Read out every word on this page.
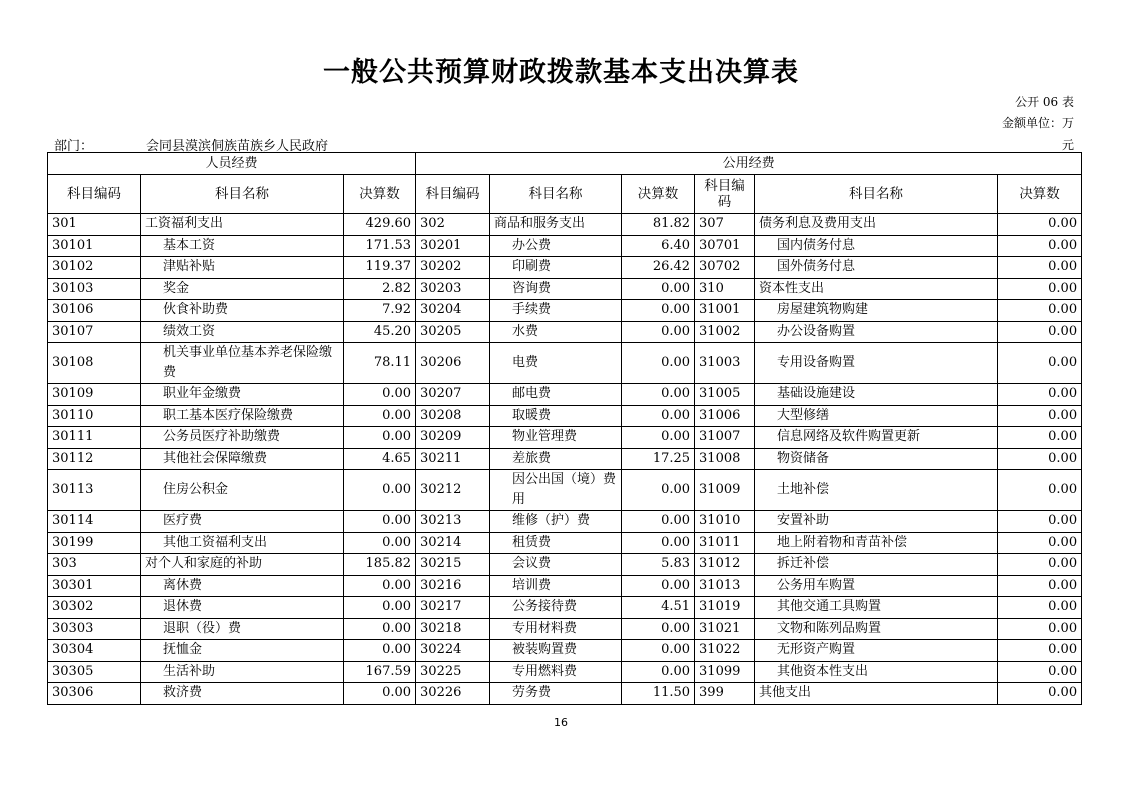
一般公共预算财政拨款基本支出决算表
公开 06 表
金额单位：万
元
部门：	会同县漠滨侗族苗族乡人民政府
人员经费			公用经费					
科目编码	科目名称	决算数	科目编码	科目名称	决算数	科目编码	科目名称	决算数
301	工资福利支出	429.60	302	商品和服务支出	81.82	307	债务利息及费用支出	0.00
30101	基本工资	171.53	30201	办公费	6.40	30701	国内债务付息	0.00
30102	津贴补贴	119.37	30202	印刷费	26.42	30702	国外债务付息	0.00
30103	奖金	2.82	30203	咨询费	0.00	310	资本性支出	0.00
30106	伙食补助费	7.92	30204	手续费	0.00	31001	房屋建筑物购建	0.00
30107	绩效工资	45.20	30205	水费	0.00	31002	办公设备购置	0.00
30108	机关事业单位基本养老保险缴费	78.11	30206	电费	0.00	31003	专用设备购置	0.00
30109	职业年金缴费	0.00	30207	邮电费	0.00	31005	基础设施建设	0.00
30110	职工基本医疗保险缴费	0.00	30208	取暖费	0.00	31006	大型修缮	0.00
30111	公务员医疗补助缴费	0.00	30209	物业管理费	0.00	31007	信息网络及软件购置更新	0.00
30112	其他社会保障缴费	4.65	30211	差旅费	17.25	31008	物资储备	0.00
30113	住房公积金	0.00	30212	因公出国（境）费用	0.00	31009	土地补偿	0.00
30114	医疗费	0.00	30213	维修（护）费	0.00	31010	安置补助	0.00
30199	其他工资福利支出	0.00	30214	租赁费	0.00	31011	地上附着物和青苗补偿	0.00
303	对个人和家庭的补助	185.82	30215	会议费	5.83	31012	拆迁补偿	0.00
30301	离休费	0.00	30216	培训费	0.00	31013	公务用车购置	0.00
30302	退休费	0.00	30217	公务接待费	4.51	31019	其他交通工具购置	0.00
30303	退职（役）费	0.00	30218	专用材料费	0.00	31021	文物和陈列品购置	0.00
30304	抚恤金	0.00	30224	被装购置费	0.00	31022	无形资产购置	0.00
30305	生活补助	167.59	30225	专用燃料费	0.00	31099	其他资本性支出	0.00
30306	救济费	0.00	30226	劳务费	11.50	399	其他支出	0.00
16
